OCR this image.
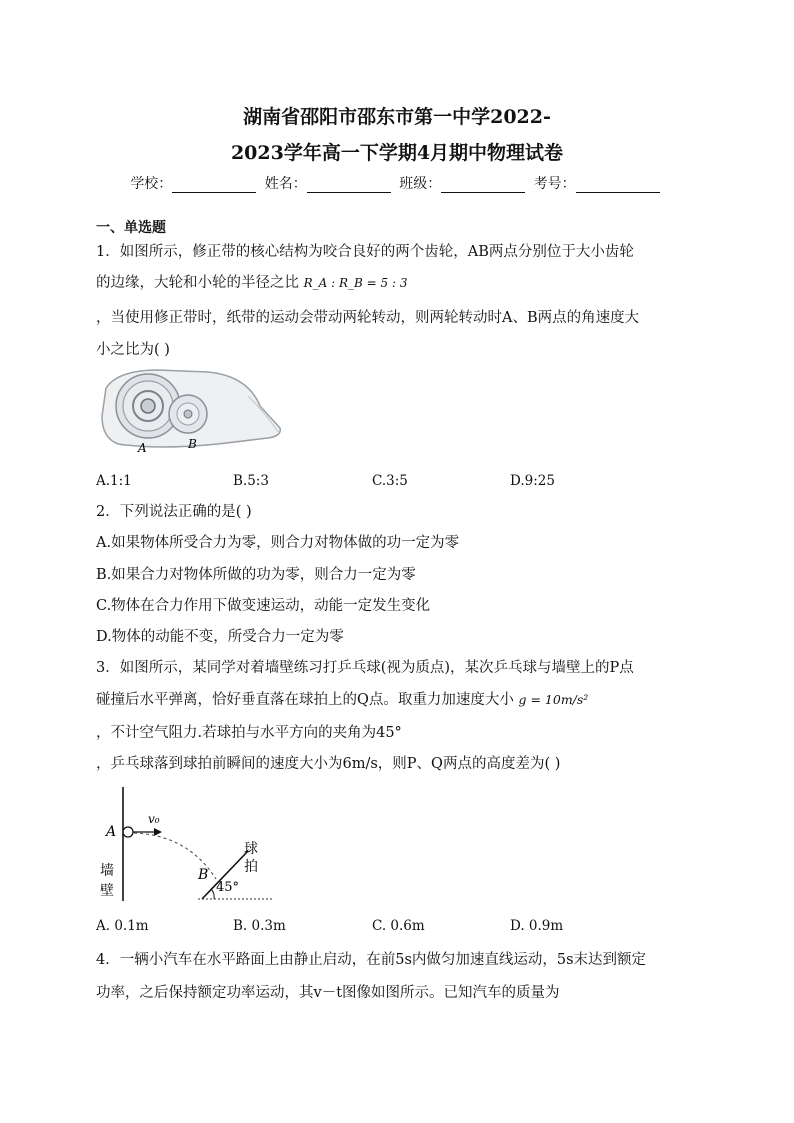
湖南省邵阳市邵东市第一中学2022-
2023学年高一下学期4月期中物理试卷
学校：	姓名：	班级：	考号：
一、单选题
1．如图所示，修正带的核心结构为咬合良好的两个齿轮，AB两点分别位于大小齿轮
的边缘，大轮和小轮的半径之比 R_A : R_B = 5 : 3
，当使用修正带时，纸带的运动会带动两轮转动，则两轮转动时A、B两点的角速度大
小之比为( )
A	B
A.1:1	B.5:3	C.3:5	D.9:25
2．下列说法正确的是( )
A.如果物体所受合力为零，则合力对物体做的功一定为零
B.如果合力对物体所做的功为零，则合力一定为零
C.物体在合力作用下做变速运动，动能一定发生变化
D.物体的动能不变，所受合力一定为零
3．如图所示，某同学对着墙壁练习打乒乓球(视为质点)，某次乒乓球与墙壁上的P点
碰撞后水平弹离，恰好垂直落在球拍上的Q点。取重力加速度大小 g = 10m/s²
，不计空气阻力.若球拍与水平方向的夹角为45°
，乒乓球落到球拍前瞬间的速度大小为6m/s，则P、Q两点的高度差为( )
A
v₀
B
45°
墙
壁
球
拍
A. 0.1m	B. 0.3m	C. 0.6m	D. 0.9m
4．一辆小汽车在水平路面上由静止启动，在前5s内做匀加速直线运动，5s末达到额定
功率，之后保持额定功率运动，其v－t图像如图所示。已知汽车的质量为
